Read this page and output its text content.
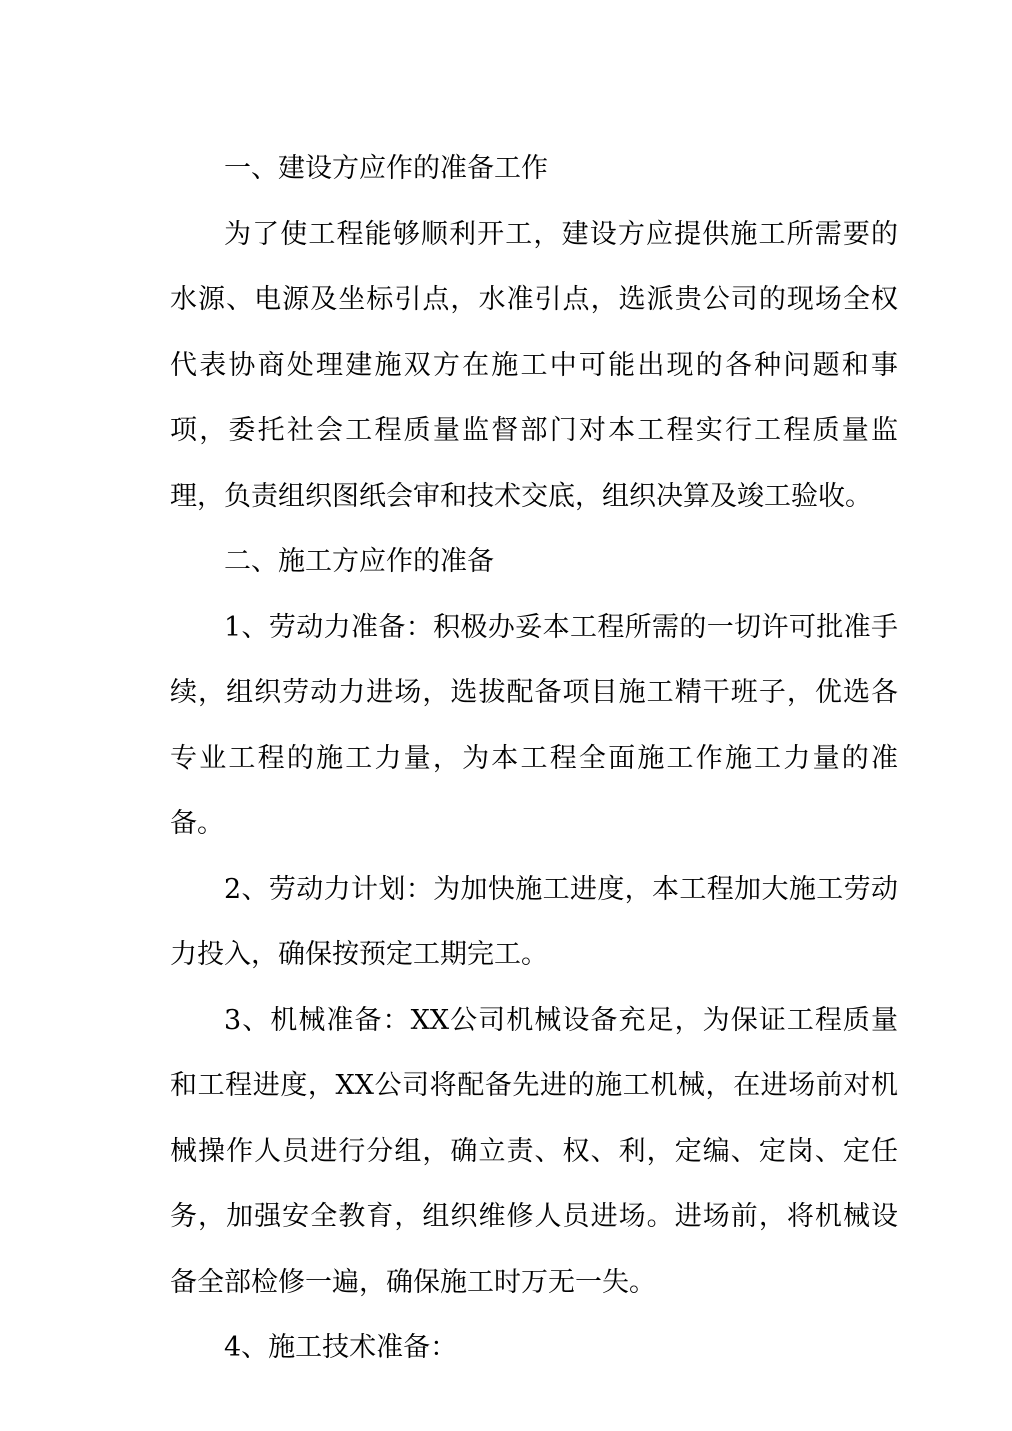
一、建设方应作的准备工作

为了使工程能够顺利开工，建设方应提供施工所需要的水源、电源及坐标引点，水准引点，选派贵公司的现场全权代表协商处理建施双方在施工中可能出现的各种问题和事项，委托社会工程质量监督部门对本工程实行工程质量监理，负责组织图纸会审和技术交底，组织决算及竣工验收。

二、施工方应作的准备

1、劳动力准备：积极办妥本工程所需的一切许可批准手续，组织劳动力进场，选拔配备项目施工精干班子，优选各专业工程的施工力量，为本工程全面施工作施工力量的准备。

2、劳动力计划：为加快施工进度，本工程加大施工劳动力投入，确保按预定工期完工。

3、机械准备：XX公司机械设备充足，为保证工程质量和工程进度，XX公司将配备先进的施工机械，在进场前对机械操作人员进行分组，确立责、权、利，定编、定岗、定任务，加强安全教育，组织维修人员进场。进场前，将机械设备全部检修一遍，确保施工时万无一失。

4、施工技术准备：
